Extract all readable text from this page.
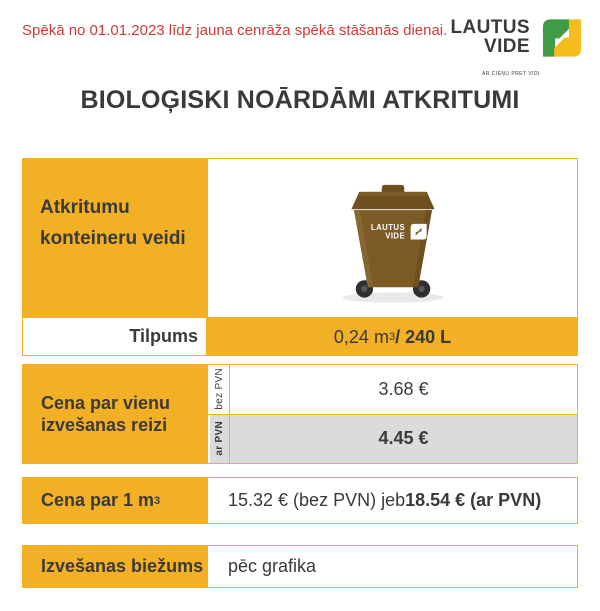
Spēkā no 01.01.2023 līdz jauna cenrāža spēkā stāšanās dienai. LAUTUS
VIDE
AR CIEŅU PRET VIDI
BIOLOĢISKI NOĀRDĀMI ATKRITUMI
Atkritumu konteineru veidi
LAUTUS
VIDE
Tilpums	0,24 m 3 / 240 L
Cena par vienu izvešanas reizi
bez PVN	3.68 €
ar PVN	4.45 €
Cena par 1 m 3	15.32 € (bez PVN) jeb 18.54 € (ar PVN)
Izvešanas biežums	pēc grafika
